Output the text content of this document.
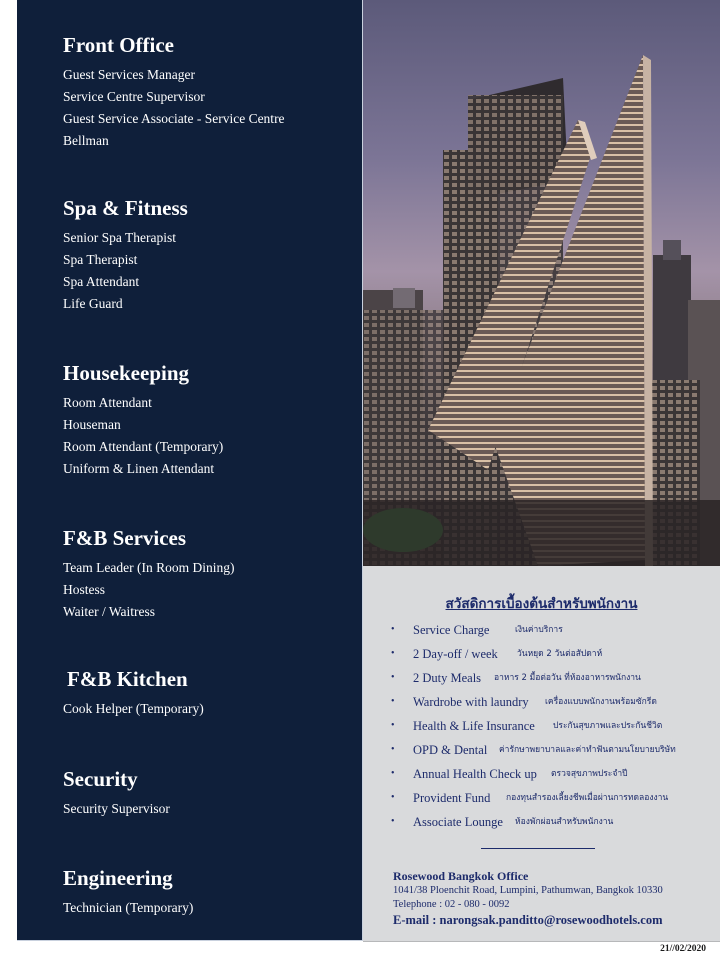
Front Office
Guest Services Manager
Service Centre Supervisor
Guest Service Associate - Service Centre
Bellman
Spa & Fitness
Senior Spa Therapist
Spa Therapist
Spa Attendant
Life Guard
Housekeeping
Room Attendant
Houseman
Room Attendant (Temporary)
Uniform & Linen Attendant
F&B Services
Team Leader (In Room Dining)
Hostess
Waiter / Waitress
F&B Kitchen
Cook Helper (Temporary)
Security
Security Supervisor
Engineering
Technician (Temporary)
สวัสดิการเบื้องต้นสำหรับพนักงาน
• Service Charge	เงินค่าบริการ
• 2 Day-off / week วันหยุด 2 วันต่อสัปดาห์
• 2 Duty Meals อาหาร 2 มื้อต่อวัน ที่ห้องอาหารพนักงาน
• Wardrobe with laundry เครื่องแบบพนักงานพร้อมซักรีด
• Health & Life Insurance ประกันสุขภาพและประกันชีวิต
• OPD & Dental ค่ารักษาพยาบาลและค่าทำฟันตามนโยบายบริษัท
• Annual Health Check up ตรวจสุขภาพประจำปี
• Provident Fund กองทุนสำรองเลี้ยงชีพเมื่อผ่านการทดลองงาน
• Associate Lounge ห้องพักผ่อนสำหรับพนักงาน
Rosewood Bangkok Office
1041/38 Ploenchit Road, Lumpini, Pathumwan, Bangkok 10330
Telephone : 02 - 080 - 0092
E-mail : narongsak.panditto@rosewoodhotels.com
21//02/2020
